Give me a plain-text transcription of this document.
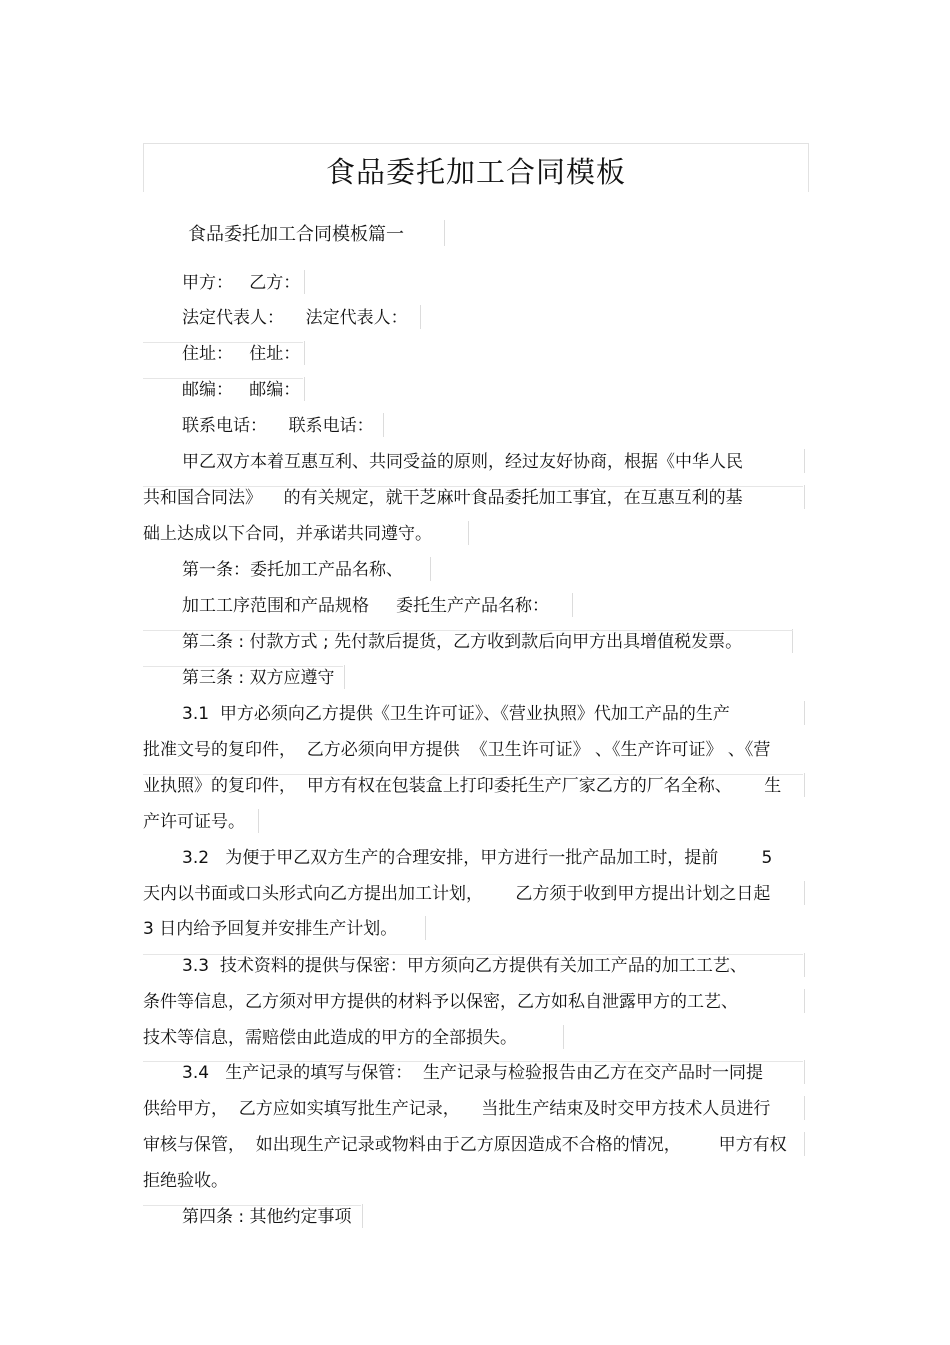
食品委托加工合同模板
食品委托加工合同模板篇一
甲方：   乙方：
法定代表人：    法定代表人：
住址：   住址：
邮编：   邮编：
联系电话：    联系电话：
甲乙双方本着互惠互利、共同受益的原则，经过友好协商，根据《中华人民
共和国合同法》    的有关规定，就干芝麻叶食品委托加工事宜，在互惠互利的基
础上达成以下合同，并承诺共同遵守。
第一条：委托加工产品名称、
加工工序范围和产品规格     委托生产产品名称：
第二条 : 付款方式 ; 先付款后提货，乙方收到款后向甲方出具增值税发票。
第三条 : 双方应遵守
3.1  甲方必须向乙方提供《卫生许可证》、《营业执照》代加工产品的生产
批准文号的复印件，  乙方必须向甲方提供  《卫生许可证》 、《生产许可证》 、《营
业执照》的复印件，  甲方有权在包装盒上打印委托生产厂家乙方的厂名全称、      生
产许可证号。
3.2   为便于甲乙双方生产的合理安排，甲方进行一批产品加工时，提前        5
天内以书面或口头形式向乙方提出加工计划，      乙方须于收到甲方提出计划之日起
3 日内给予回复并安排生产计划。
3.3  技术资料的提供与保密：甲方须向乙方提供有关加工产品的加工工艺、
条件等信息，乙方须对甲方提供的材料予以保密，乙方如私自泄露甲方的工艺、
技术等信息，需赔偿由此造成的甲方的全部损失。
3.4   生产记录的填写与保管：  生产记录与检验报告由乙方在交产品时一同提
供给甲方，  乙方应如实填写批生产记录，    当批生产结束及时交甲方技术人员进行
审核与保管，  如出现生产记录或物料由于乙方原因造成不合格的情况，       甲方有权
拒绝验收。
第四条 : 其他约定事项
